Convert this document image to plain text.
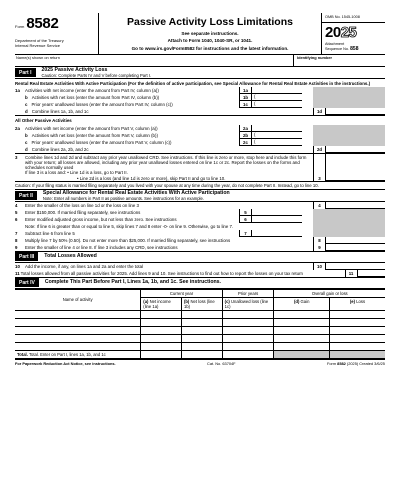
Form 8582
Department of the Treasury
Internal Revenue Service
Passive Activity Loss Limitations
See separate instructions.
Attach to Form 1040, 1040-SR, or 1041.
Go to www.irs.gov/Form8582 for instructions and the latest information.
OMB No. 1545-1008
2025
Attachment
Sequence No. 858
Name(s) shown on return	Identifying number
Part I	2025 Passive Activity Loss
Caution: Complete Parts IV and V before completing Part I.
Rental Real Estate Activities With Active Participation (For the definition of active participation, see Special Allowance for Rental Real Estate Activities in the instructions.)
1a	Activities with net income (enter the amount from Part IV, column (a))	1a
b Activities with net loss (enter the amount from Part IV, column (b))	1b	(
c Prior years' unallowed losses (enter the amount from Part IV, column (c))	1c	(
d Combine lines 1a, 1b, and 1c	1d
All Other Passive Activities
2a	Activities with net income (enter the amount from Part V, column (a))	2a
b Activities with net loss (enter the amount from Part V, column (b))	2b	(
c Prior years' unallowed losses (enter the amount from Part V, column (c))	2c	(
d Combine lines 2a, 2b, and 2c	2d
3	Combine lines 1d and 2d and subtract any prior year unallowed CRD. See instructions. If this line is zero or more, stop here and include this form with your return; all losses are allowed, including any prior year unallowed losses entered on line 1c or 2c. Report the losses on the forms and schedules normally used
If line 3 is a loss and: • Line 1d is a loss, go to Part II.
• Line 2d is a loss (and line 1d is zero or more), skip Part II and go to line 10.	3
Caution: If your filing status is married filing separately and you lived with your spouse at any time during the year, do not complete Part II. Instead, go to line 10.
Part II	Special Allowance for Rental Real Estate Activities With Active Participation
Note: Enter all numbers in Part II as positive amounts. See instructions for an example.
4	Enter the smaller of the loss on line 1d or the loss on line 3	4
5	Enter $150,000. If married filing separately, see instructions	5
6	Enter modified adjusted gross income, but not less than zero. See instructions	6
Note: If line 6 is greater than or equal to line 5, skip lines 7 and 8 enter -0- on line 9. Otherwise, go to line 7.
7	Subtract line 6 from line 5	7
8	Multiply line 7 by 50% (0.50). Do not enter more than $25,000. If married filing separately, see instructions	8
9	Enter the smaller of line 4 or line 8. If line 3 includes any CRD, see instructions	9
Part III	Total Losses Allowed
10	Add the income, if any, on lines 1a and 2a and enter the total	10
11 Total losses allowed from all passive activities for 2025. Add lines 9 and 10. See instructions to find out how to report the losses on your tax return	11
Part IV	Complete This Part Before Part I, Lines 1a, 1b, and 1c. See instructions.
Name of activity	Current year		Prior years	Overall gain or loss	
	(a) Net income (line 1a)	(b) Net loss (line 1b)	(c) Unallowed loss (line 1c)	(d) Gain	(e) Loss

Total. Total. Enter on Part I, lines 1a, 1b, and 1c					
For Paperwork Reduction Act Notice, see instructions.	Cat. No. 63704F	Form 8582 (2025) Created 3/6/25
